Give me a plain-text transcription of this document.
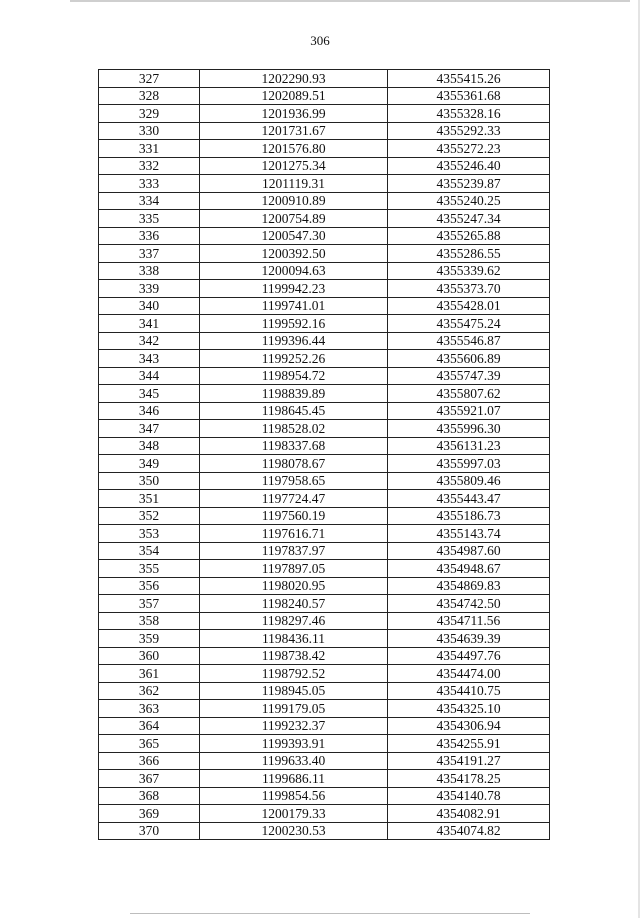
306
327	1202290.93	4355415.26
328	1202089.51	4355361.68
329	1201936.99	4355328.16
330	1201731.67	4355292.33
331	1201576.80	4355272.23
332	1201275.34	4355246.40
333	1201119.31	4355239.87
334	1200910.89	4355240.25
335	1200754.89	4355247.34
336	1200547.30	4355265.88
337	1200392.50	4355286.55
338	1200094.63	4355339.62
339	1199942.23	4355373.70
340	1199741.01	4355428.01
341	1199592.16	4355475.24
342	1199396.44	4355546.87
343	1199252.26	4355606.89
344	1198954.72	4355747.39
345	1198839.89	4355807.62
346	1198645.45	4355921.07
347	1198528.02	4355996.30
348	1198337.68	4356131.23
349	1198078.67	4355997.03
350	1197958.65	4355809.46
351	1197724.47	4355443.47
352	1197560.19	4355186.73
353	1197616.71	4355143.74
354	1197837.97	4354987.60
355	1197897.05	4354948.67
356	1198020.95	4354869.83
357	1198240.57	4354742.50
358	1198297.46	4354711.56
359	1198436.11	4354639.39
360	1198738.42	4354497.76
361	1198792.52	4354474.00
362	1198945.05	4354410.75
363	1199179.05	4354325.10
364	1199232.37	4354306.94
365	1199393.91	4354255.91
366	1199633.40	4354191.27
367	1199686.11	4354178.25
368	1199854.56	4354140.78
369	1200179.33	4354082.91
370	1200230.53	4354074.82
